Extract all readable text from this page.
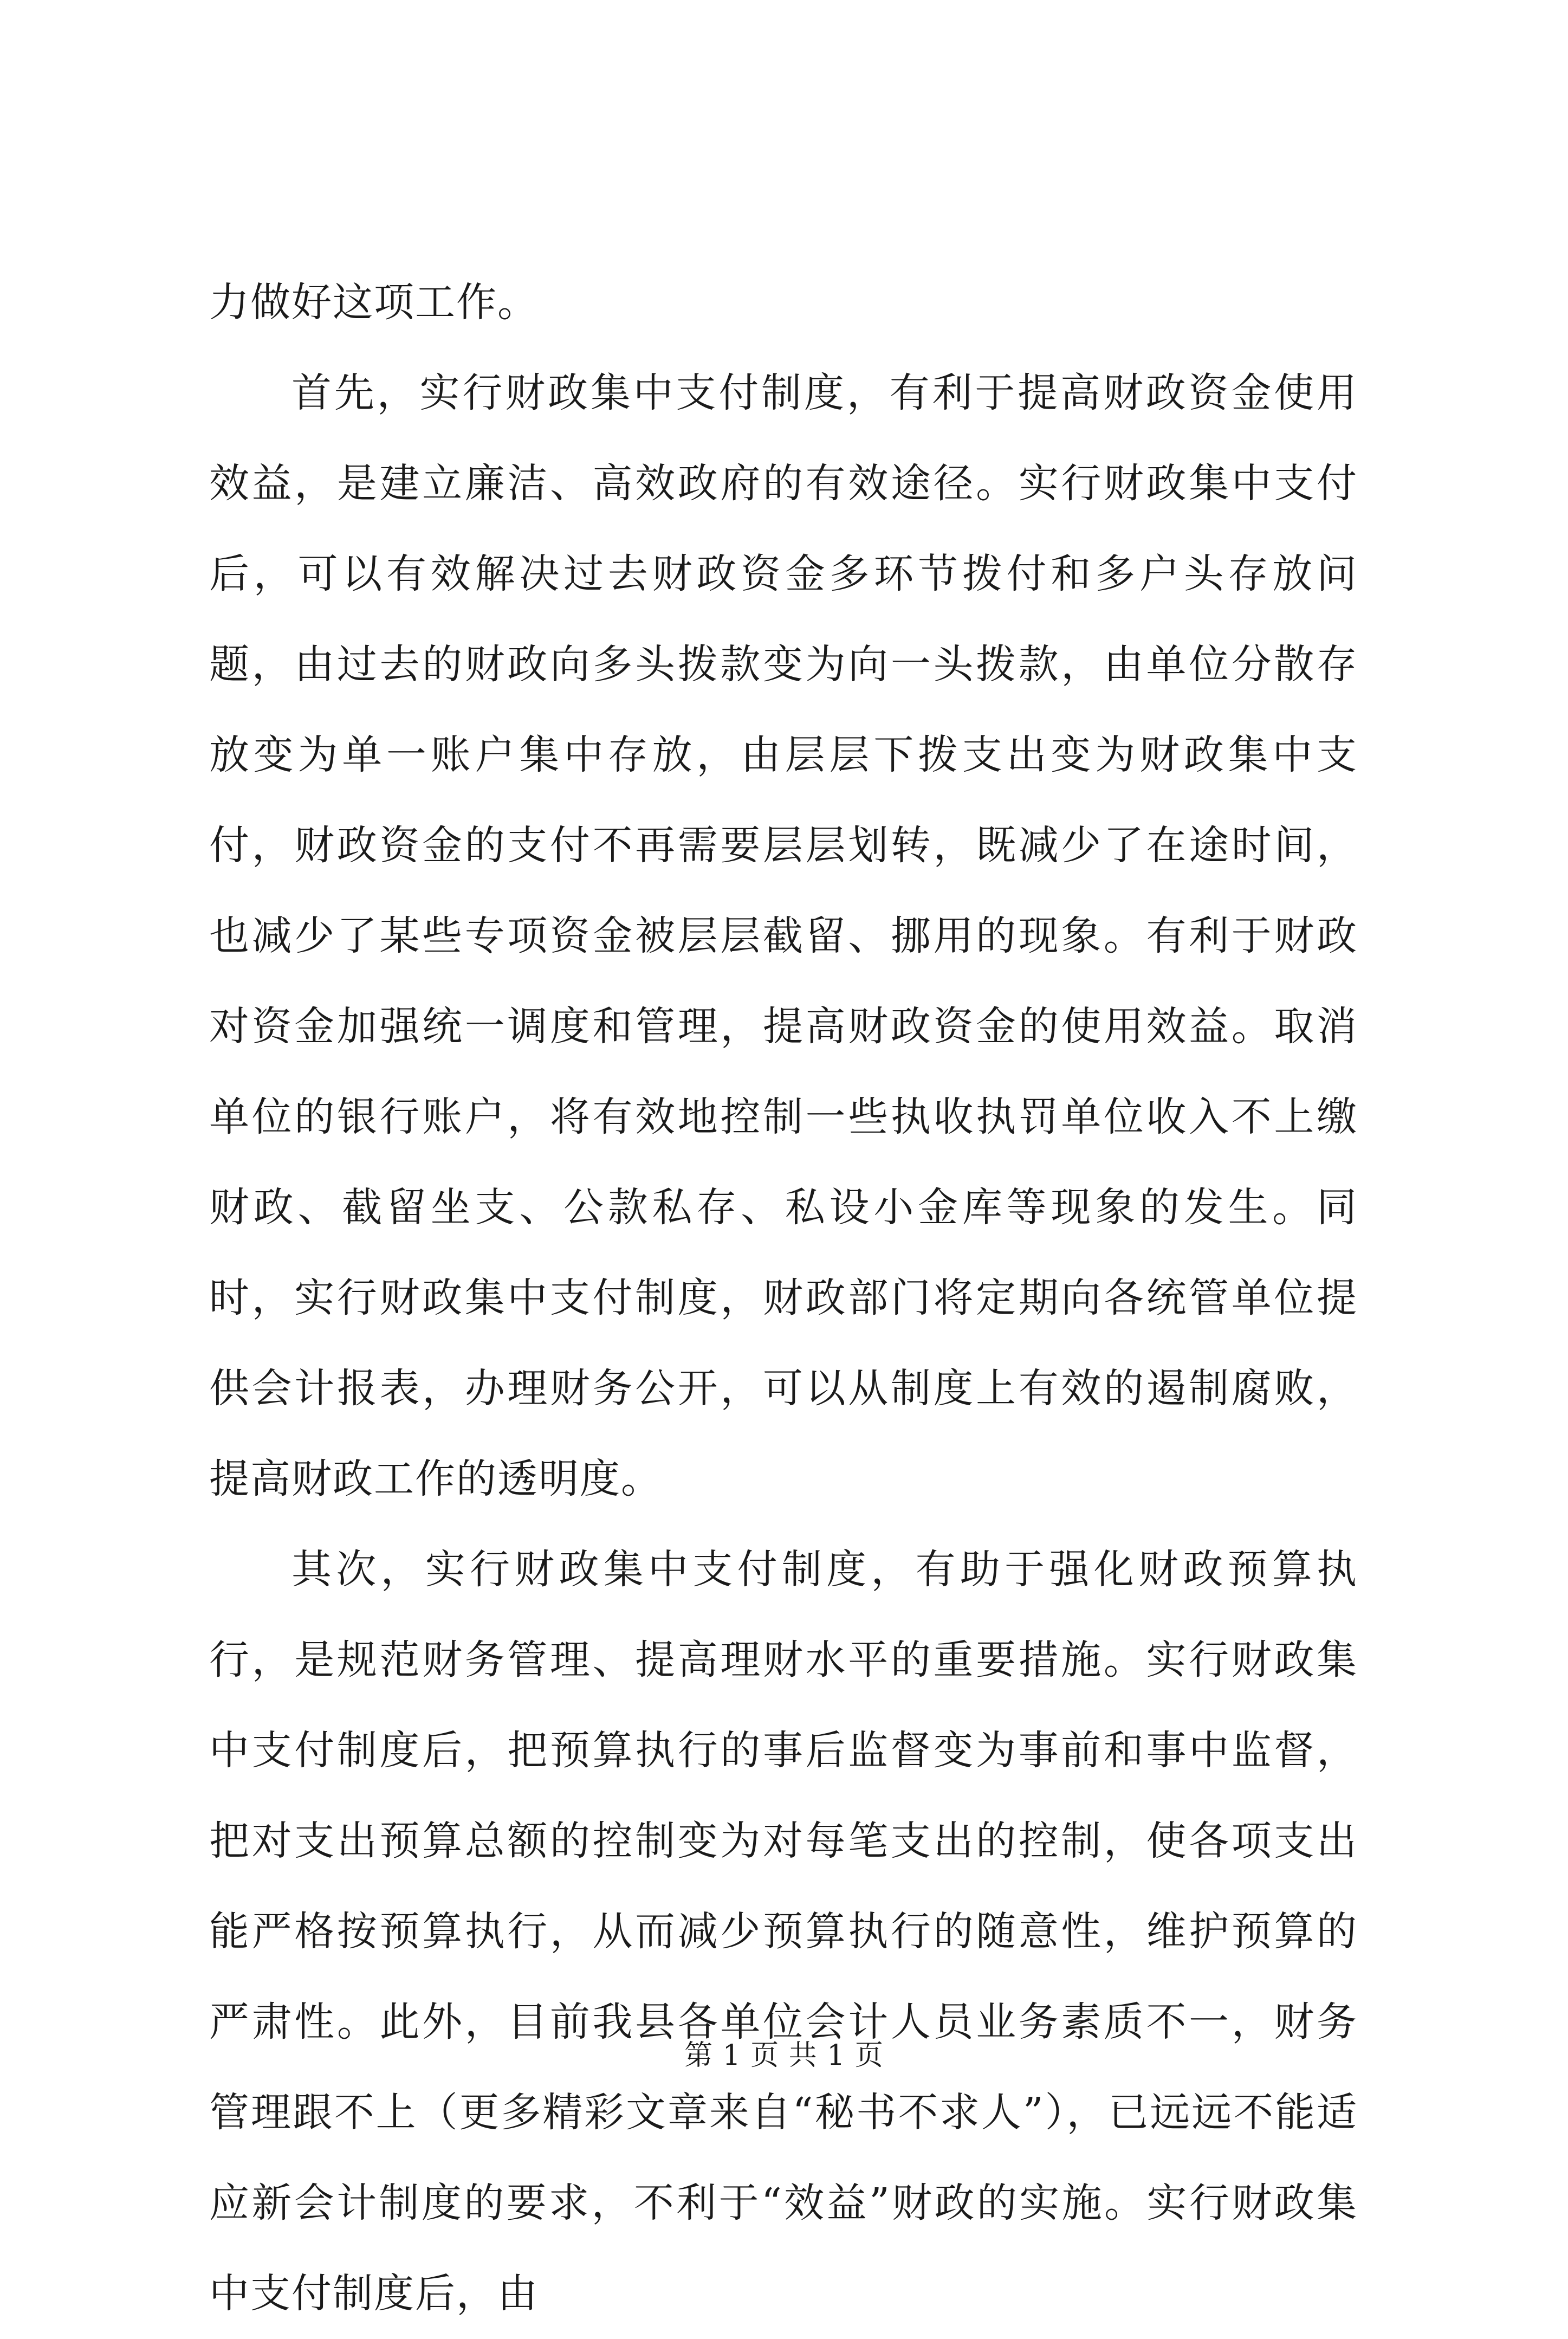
力做好这项工作。

首先，实行财政集中支付制度，有利于提高财政资金使用效益，是建立廉洁、高效政府的有效途径。实行财政集中支付后，可以有效解决过去财政资金多环节拨付和多户头存放问题，由过去的财政向多头拨款变为向一头拨款，由单位分散存放变为单一账户集中存放，由层层下拨支出变为财政集中支付，财政资金的支付不再需要层层划转，既减少了在途时间，也减少了某些专项资金被层层截留、挪用的现象。有利于财政对资金加强统一调度和管理，提高财政资金的使用效益。取消单位的银行账户，将有效地控制一些执收执罚单位收入不上缴财政、截留坐支、公款私存、私设小金库等现象的发生。同时，实行财政集中支付制度，财政部门将定期向各统管单位提供会计报表，办理财务公开，可以从制度上有效的遏制腐败，提高财政工作的透明度。

其次，实行财政集中支付制度，有助于强化财政预算执行，是规范财务管理、提高理财水平的重要措施。实行财政集中支付制度后，把预算执行的事后监督变为事前和事中监督，把对支出预算总额的控制变为对每笔支出的控制，使各项支出能严格按预算执行，从而减少预算执行的随意性，维护预算的严肃性。此外，目前我县各单位会计人员业务素质不一，财务管理跟不上（更多精彩文章来自“秘书不求人”），已远远不能适应新会计制度的要求，不利于“效益”财政的实施。实行财政集中支付制度后，由

第 1 页 共 1 页
